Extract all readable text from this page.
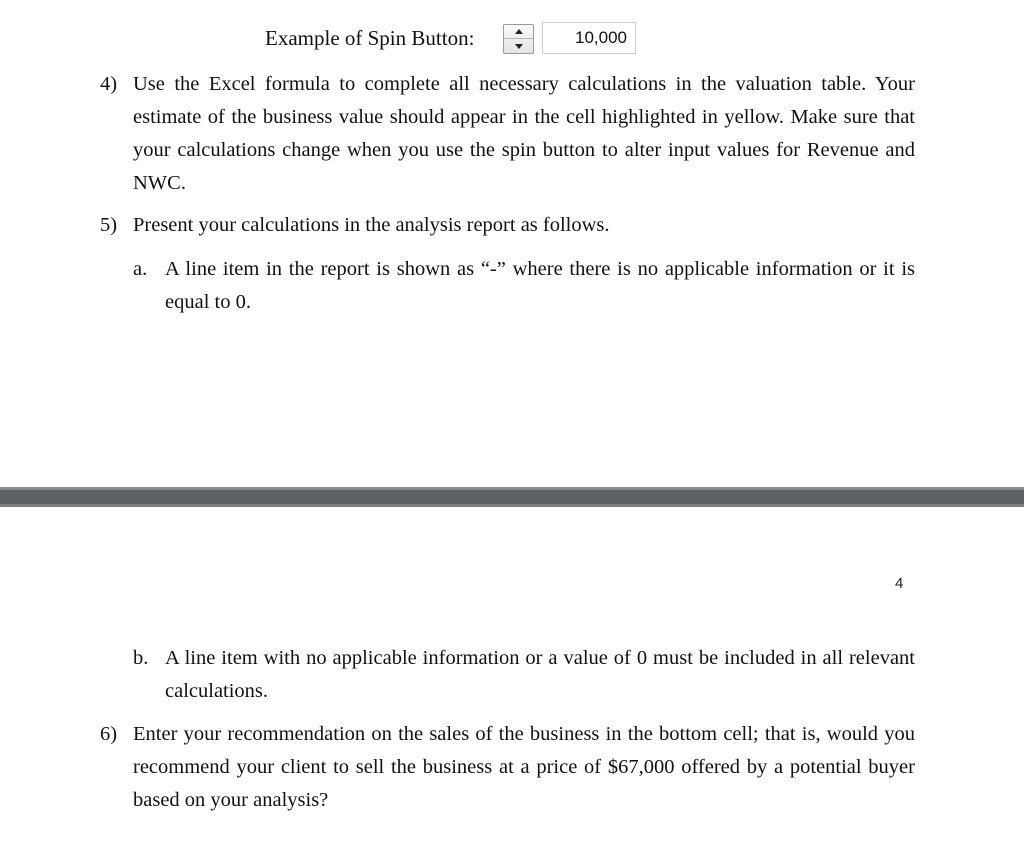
Example of Spin Button:	10,000
4) Use the Excel formula to complete all necessary calculations in the valuation table. Your estimate of the business value should appear in the cell highlighted in yellow. Make sure that your calculations change when you use the spin button to alter input values for Revenue and NWC.
5) Present your calculations in the analysis report as follows.
a. A line item in the report is shown as “-” where there is no applicable information or it is equal to 0.
4
b. A line item with no applicable information or a value of 0 must be included in all relevant calculations.
6) Enter your recommendation on the sales of the business in the bottom cell; that is, would you recommend your client to sell the business at a price of $67,000 offered by a potential buyer based on your analysis?
